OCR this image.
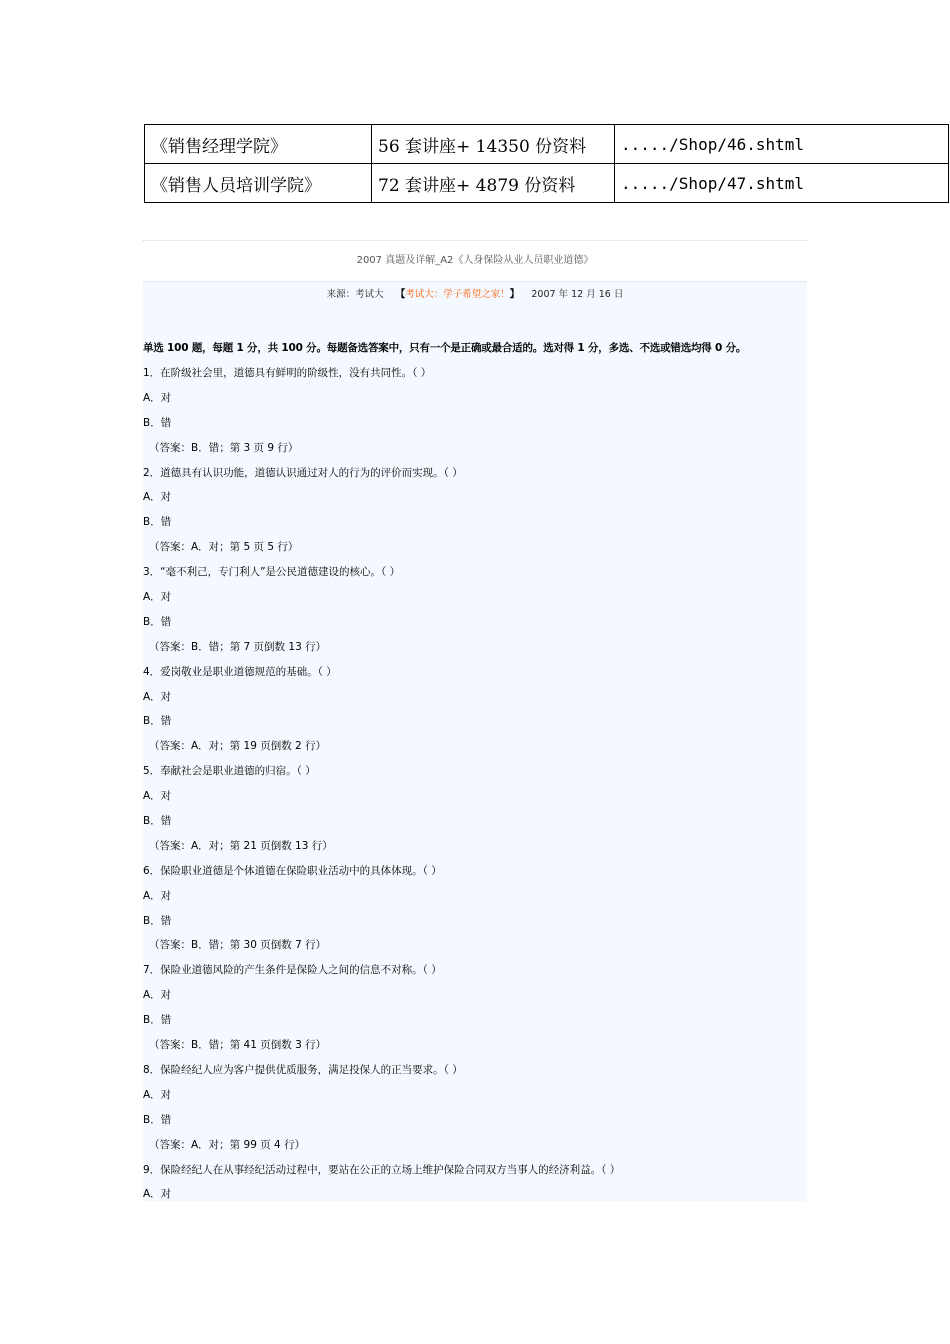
《销售经理学院》	56 套讲座+ 14350 份资料	...../Shop/46.shtml
《销售人员培训学院》	72 套讲座+ 4879 份资料	...../Shop/47.shtml
2007 真题及详解_A2《人身保险从业人员职业道德》
来源：考试大 【考试大：学子希望之家！】 2007 年 12 月 16 日
单选 100 题，每题 1 分，共 100 分。每题备选答案中，只有一个是正确或最合适的。选对得 1 分，多选、不选或错选均得 0 分。
1．在阶级社会里，道德具有鲜明的阶级性，没有共同性。（ ）
A．对
B．错
（答案：B．错；第 3 页 9 行）
2．道德具有认识功能，道德认识通过对人的行为的评价而实现。（ ）
A．对
B．错
（答案：A．对；第 5 页 5 行）
3．“毫不利己，专门利人”是公民道德建设的核心。（ ）
A．对
B．错
（答案：B．错；第 7 页倒数 13 行）
4．爱岗敬业是职业道德规范的基础。（ ）
A．对
B．错
（答案：A．对；第 19 页倒数 2 行）
5．奉献社会是职业道德的归宿。（ ）
A．对
B．错
（答案：A．对；第 21 页倒数 13 行）
6．保险职业道德是个体道德在保险职业活动中的具体体现。（ ）
A．对
B．错
（答案：B．错；第 30 页倒数 7 行）
7．保险业道德风险的产生条件是保险人之间的信息不对称。（ ）
A．对
B．错
（答案：B．错；第 41 页倒数 3 行）
8．保险经纪人应为客户提供优质服务，满足投保人的正当要求。（ ）
A．对
B．错
（答案：A．对；第 99 页 4 行）
9．保险经纪人在从事经纪活动过程中，要站在公正的立场上维护保险合同双方当事人的经济利益。（ ）
A．对
